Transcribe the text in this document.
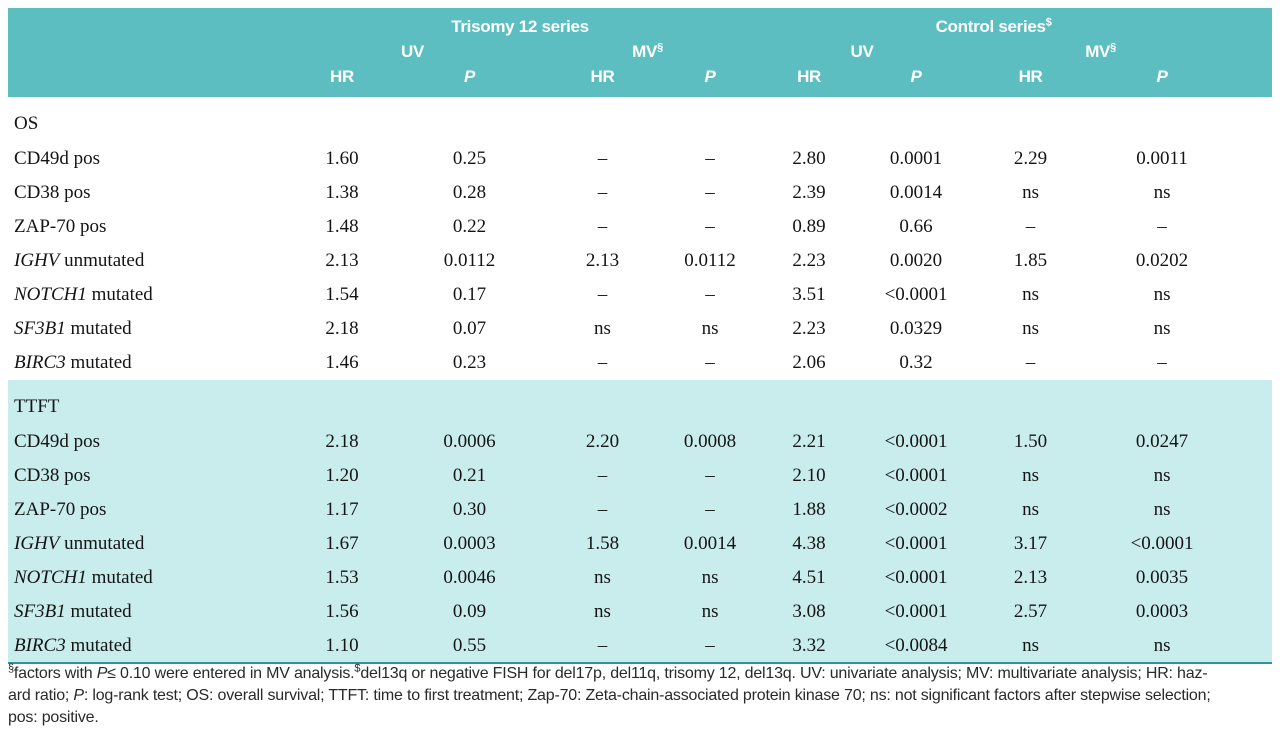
	Trisomy 12 series				Control series$
	UV		MV§		UV		MV§
	HR	P	HR	P	HR	P	HR	P
OS								
CD49d pos	1.60	0.25	–	–	2.80	0.0001	2.29	0.0011
CD38 pos	1.38	0.28	–	–	2.39	0.0014	ns	ns
ZAP-70 pos	1.48	0.22	–	–	0.89	0.66	–	–
IGHV unmutated	2.13	0.0112	2.13	0.0112	2.23	0.0020	1.85	0.0202
NOTCH1 mutated	1.54	0.17	–	–	3.51	<0.0001	ns	ns
SF3B1 mutated	2.18	0.07	ns	ns	2.23	0.0329	ns	ns
BIRC3 mutated	1.46	0.23	–	–	2.06	0.32	–	–
TTFT								
CD49d pos	2.18	0.0006	2.20	0.0008	2.21	<0.0001	1.50	0.0247
CD38 pos	1.20	0.21	–	–	2.10	<0.0001	ns	ns
ZAP-70 pos	1.17	0.30	–	–	1.88	<0.0002	ns	ns
IGHV unmutated	1.67	0.0003	1.58	0.0014	4.38	<0.0001	3.17	<0.0001
NOTCH1 mutated	1.53	0.0046	ns	ns	4.51	<0.0001	2.13	0.0035
SF3B1 mutated	1.56	0.09	ns	ns	3.08	<0.0001	2.57	0.0003
BIRC3 mutated	1.10	0.55	–	–	3.32	<0.0084	ns	ns
§factors with P≤ 0.10 were entered in MV analysis.$del13q or negative FISH for del17p, del11q, trisomy 12, del13q. UV: univariate analysis; MV: multivariate analysis; HR: haz-
ard ratio; P: log-rank test; OS: overall survival; TTFT: time to first treatment; Zap-70: Zeta-chain-associated protein kinase 70; ns: not significant factors after stepwise selection;
pos: positive.
